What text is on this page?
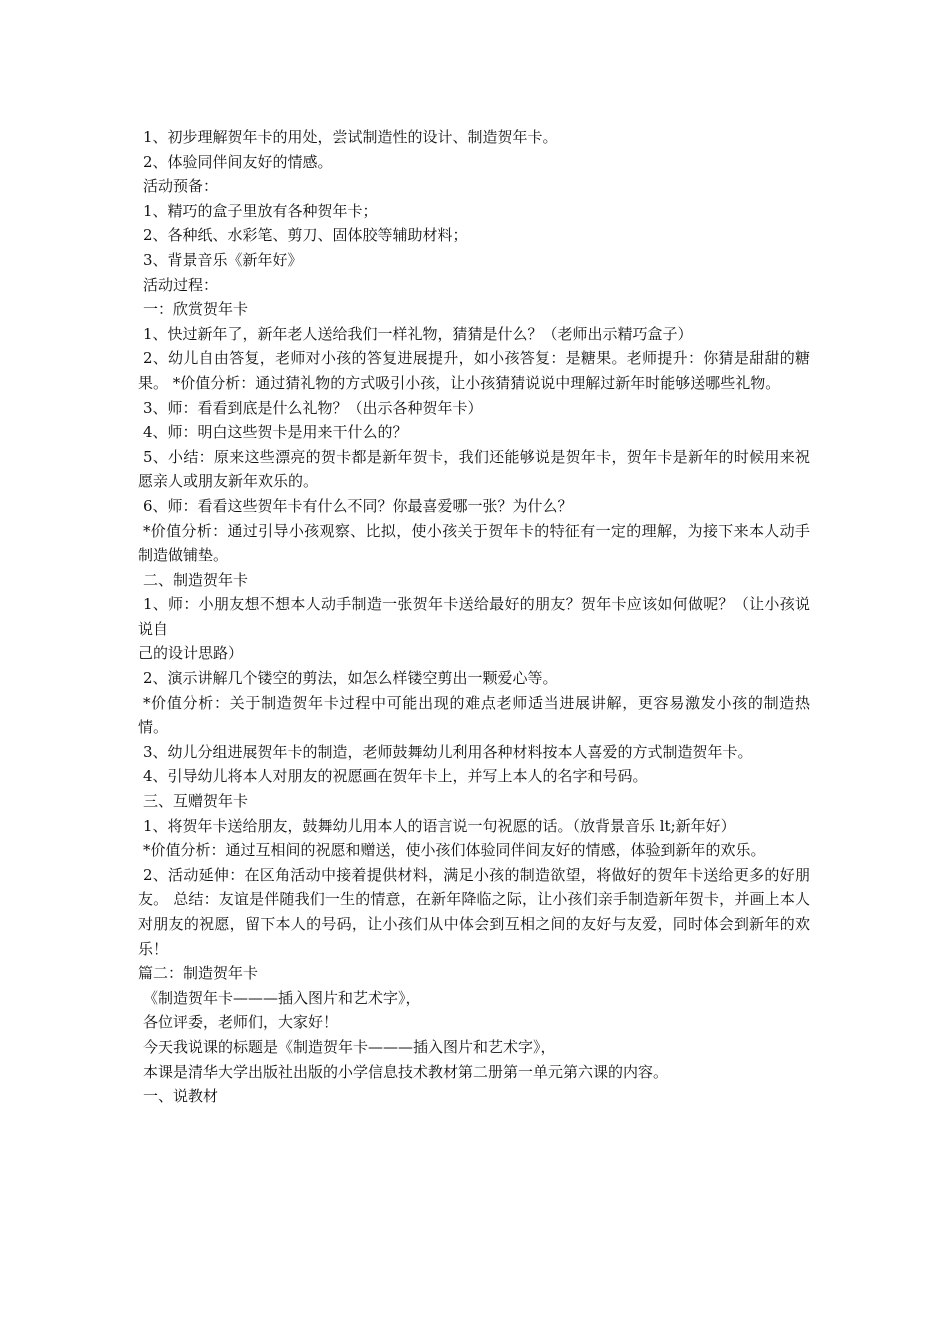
1、初步理解贺年卡的用处，尝试制造性的设计、制造贺年卡。

2、体验同伴间友好的情感。

活动预备：

1、精巧的盒子里放有各种贺年卡；

2、各种纸、水彩笔、剪刀、固体胶等辅助材料；

3、背景音乐《新年好》

活动过程：

一：欣赏贺年卡

1、快过新年了，新年老人送给我们一样礼物，猜猜是什么？（老师出示精巧盒子）

2、幼儿自由答复，老师对小孩的答复进展提升，如小孩答复：是糖果。老师提升：你猜是甜甜的糖果。 *价值分析：通过猜礼物的方式吸引小孩，让小孩猜猜说说中理解过新年时能够送哪些礼物。

3、师：看看到底是什么礼物？（出示各种贺年卡）

4、师：明白这些贺卡是用来干什么的？

5、小结：原来这些漂亮的贺卡都是新年贺卡，我们还能够说是贺年卡，贺年卡是新年的时候用来祝愿亲人或朋友新年欢乐的。

6、师：看看这些贺年卡有什么不同？你最喜爱哪一张？为什么？

*价值分析：通过引导小孩观察、比拟，使小孩关于贺年卡的特征有一定的理解，为接下来本人动手制造做铺垫。

二、制造贺年卡

1、师：小朋友想不想本人动手制造一张贺年卡送给最好的朋友？贺年卡应该如何做呢？（让小孩说说自

己的设计思路）

2、演示讲解几个镂空的剪法，如怎么样镂空剪出一颗爱心等。

*价值分析：关于制造贺年卡过程中可能出现的难点老师适当进展讲解，更容易激发小孩的制造热情。

3、幼儿分组进展贺年卡的制造，老师鼓舞幼儿利用各种材料按本人喜爱的方式制造贺年卡。

4、引导幼儿将本人对朋友的祝愿画在贺年卡上，并写上本人的名字和号码。

三、互赠贺年卡

1、将贺年卡送给朋友，鼓舞幼儿用本人的语言说一句祝愿的话。（放背景音乐 lt;新年好）

*价值分析：通过互相间的祝愿和赠送，使小孩们体验同伴间友好的情感，体验到新年的欢乐。

2、活动延伸：在区角活动中接着提供材料，满足小孩的制造欲望，将做好的贺年卡送给更多的好朋友。 总结：友谊是伴随我们一生的情意，在新年降临之际，让小孩们亲手制造新年贺卡，并画上本人对朋友的祝愿，留下本人的号码，让小孩们从中体会到互相之间的友好与友爱，同时体会到新年的欢乐！

篇二：制造贺年卡

《制造贺年卡———插入图片和艺术字》，

各位评委，老师们，大家好！

今天我说课的标题是《制造贺年卡———插入图片和艺术字》，

本课是清华大学出版社出版的小学信息技术教材第二册第一单元第六课的内容。

一、说教材
